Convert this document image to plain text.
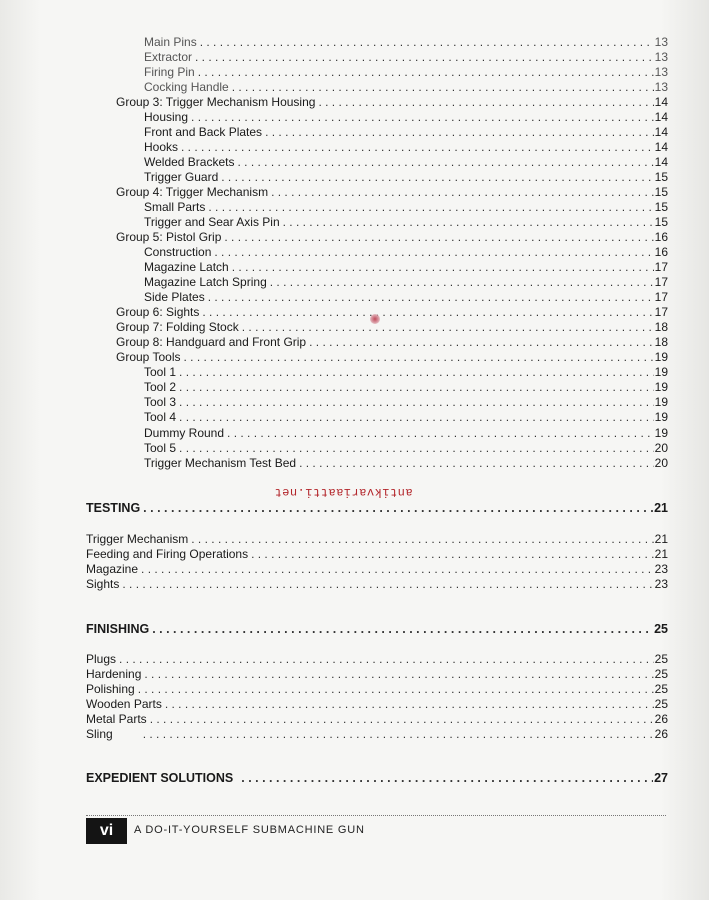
Main Pins . . .	13
Extractor . . .	13
Firing Pin . . .	13
Cocking Handle . . .	13
Group 3: Trigger Mechanism Housing . . .	14
Housing . . .	14
Front and Back Plates . . .	14
Hooks . . .	14
Welded Brackets . . .	14
Trigger Guard . . .	15
Group 4: Trigger Mechanism . . .	15
Small Parts . . .	15
Trigger and Sear Axis Pin . . .	15
Group 5: Pistol Grip . . .	16
Construction . . .	16
Magazine Latch . . .	17
Magazine Latch Spring . . .	17
Side Plates . . .	17
Group 6: Sights . . .	17
Group 7: Folding Stock . . .	18
Group 8: Handguard and Front Grip . . .	18
Group Tools . . .	19
Tool 1 . . .	19
Tool 2 . . .	19
Tool 3 . . .	19
Tool 4 . . .	19
Dummy Round . . .	19
Tool 5 . . .	20
Trigger Mechanism Test Bed . . .	20
TESTING . . .	21
Trigger Mechanism . . .	21
Feeding and Firing Operations . . .	21
Magazine . . .	23
Sights . . .	23
FINISHING . . .	25
Plugs . . .	25
Hardening . . .	25
Polishing . . .	25
Wooden Parts . . .	25
Metal Parts . . .	26
Sling . . .	26
EXPEDIENT SOLUTIONS . . .	27
antikvariaatti.net
vi	A DO-IT-YOURSELF SUBMACHINE GUN
